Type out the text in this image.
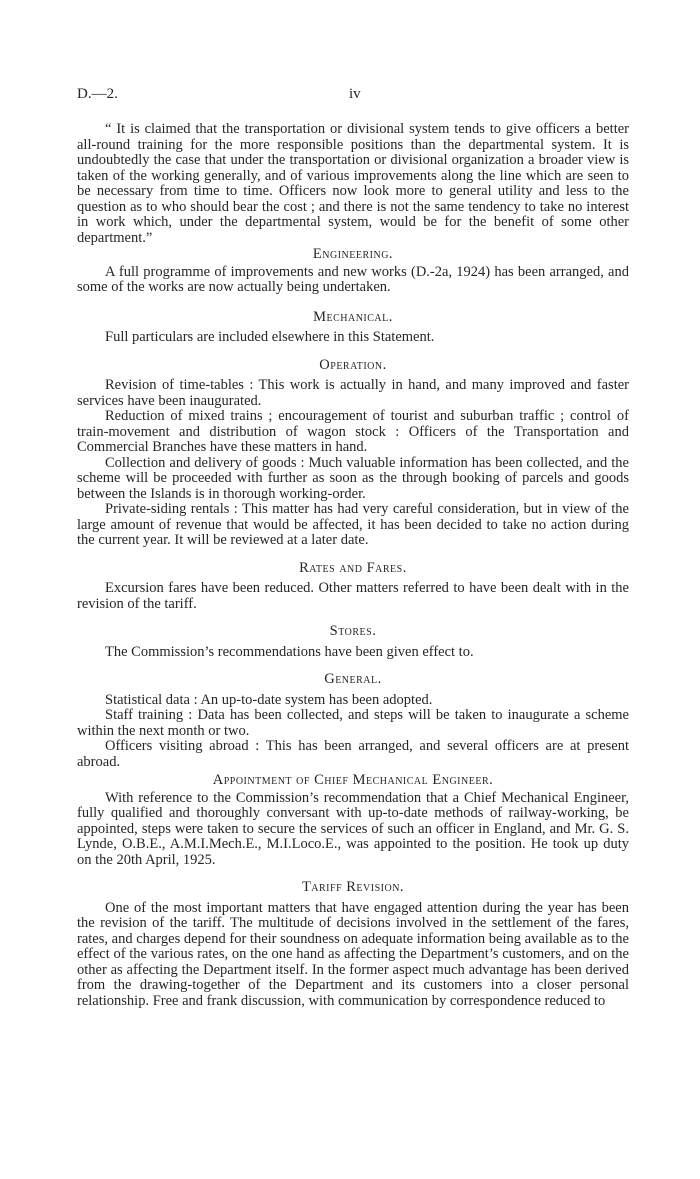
D.—2.	iv

“ It is claimed that the transportation or divisional system tends to give officers a better all-round training for the more responsible positions than the departmental system. It is undoubtedly the case that under the transportation or divisional organization a broader view is taken of the working generally, and of various improvements along the line which are seen to be necessary from time to time. Officers now look more to general utility and less to the question as to who should bear the cost ; and there is not the same tendency to take no interest in work which, under the departmental system, would be for the benefit of some other department.”

Engineering.

A full programme of improvements and new works (D.-2a, 1924) has been arranged, and some of the works are now actually being undertaken.

Mechanical.

Full particulars are included elsewhere in this Statement.

Operation.

Revision of time-tables : This work is actually in hand, and many improved and faster services have been inaugurated.

Reduction of mixed trains ; encouragement of tourist and suburban traffic ; control of train-movement and distribution of wagon stock : Officers of the Transportation and Commercial Branches have these matters in hand.

Collection and delivery of goods : Much valuable information has been collected, and the scheme will be proceeded with further as soon as the through booking of parcels and goods between the Islands is in thorough working-order.

Private-siding rentals : This matter has had very careful consideration, but in view of the large amount of revenue that would be affected, it has been decided to take no action during the current year. It will be reviewed at a later date.

Rates and Fares.

Excursion fares have been reduced. Other matters referred to have been dealt with in the revision of the tariff.

Stores.

The Commission’s recommendations have been given effect to.

General.

Statistical data : An up-to-date system has been adopted.

Staff training : Data has been collected, and steps will be taken to inaugurate a scheme within the next month or two.

Officers visiting abroad : This has been arranged, and several officers are at present abroad.

Appointment of Chief Mechanical Engineer.

With reference to the Commission’s recommendation that a Chief Mechanical Engineer, fully qualified and thoroughly conversant with up-to-date methods of railway-working, be appointed, steps were taken to secure the services of such an officer in England, and Mr. G. S. Lynde, O.B.E., A.M.I.Mech.E., M.I.Loco.E., was appointed to the position. He took up duty on the 20th April, 1925.

Tariff Revision.

One of the most important matters that have engaged attention during the year has been the revision of the tariff. The multitude of decisions involved in the settlement of the fares, rates, and charges depend for their soundness on adequate information being available as to the effect of the various rates, on the one hand as affecting the Department’s customers, and on the other as affecting the Department itself. In the former aspect much advantage has been derived from the drawing-together of the Department and its customers into a closer personal relationship. Free and frank discussion, with communication by correspondence reduced to
